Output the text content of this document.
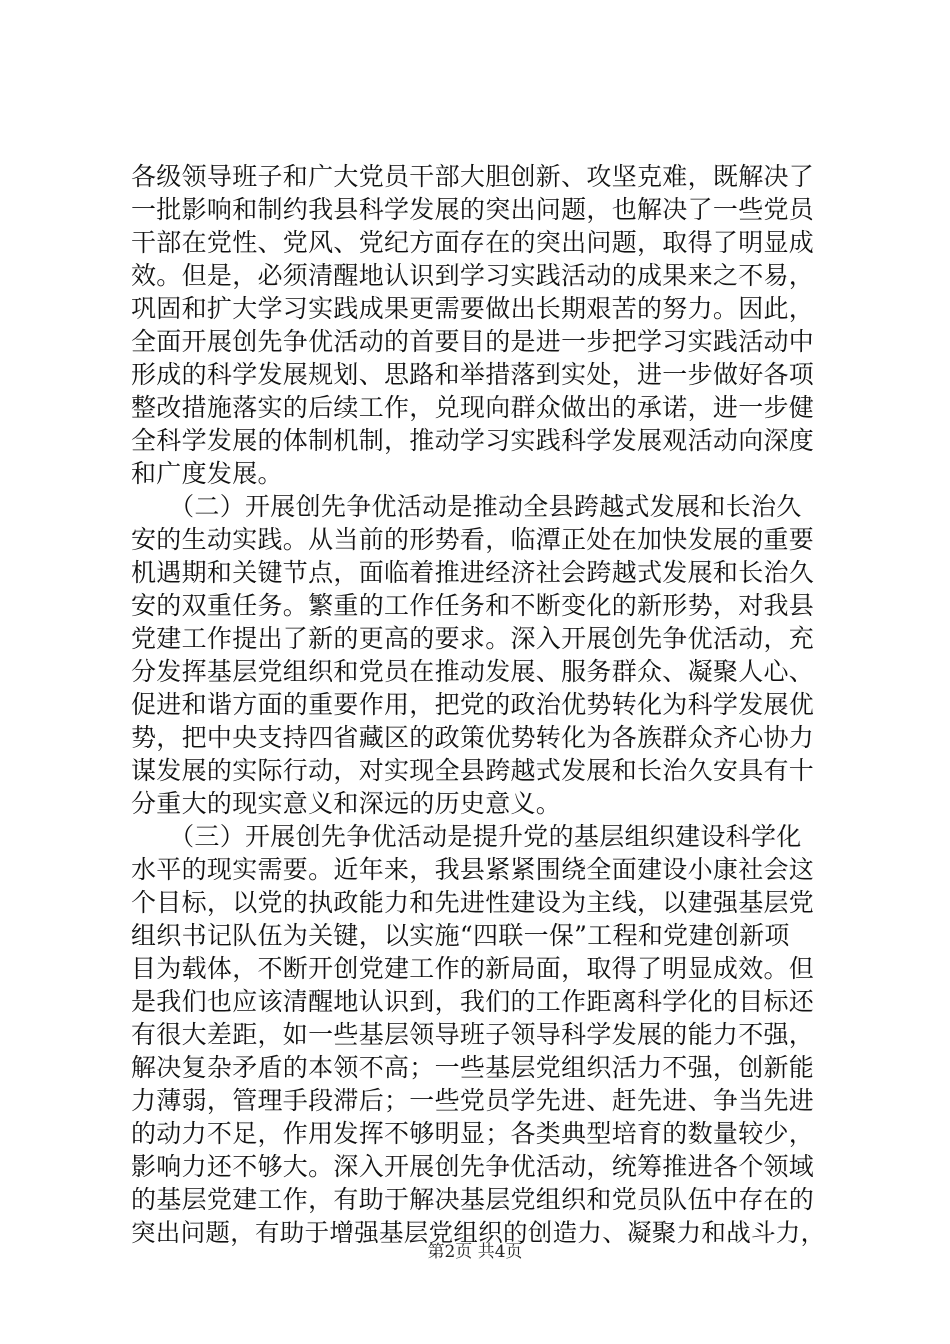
各级领导班子和广大党员干部大胆创新、攻坚克难，既解决了
一批影响和制约我县科学发展的突出问题，也解决了一些党员
干部在党性、党风、党纪方面存在的突出问题，取得了明显成
效。但是，必须清醒地认识到学习实践活动的成果来之不易，
巩固和扩大学习实践成果更需要做出长期艰苦的努力。因此，
全面开展创先争优活动的首要目的是进一步把学习实践活动中
形成的科学发展规划、思路和举措落到实处，进一步做好各项
整改措施落实的后续工作，兑现向群众做出的承诺，进一步健
全科学发展的体制机制，推动学习实践科学发展观活动向深度
和广度发展。
　　（二）开展创先争优活动是推动全县跨越式发展和长治久
安的生动实践。从当前的形势看，临潭正处在加快发展的重要
机遇期和关键节点，面临着推进经济社会跨越式发展和长治久
安的双重任务。繁重的工作任务和不断变化的新形势，对我县
党建工作提出了新的更高的要求。深入开展创先争优活动，充
分发挥基层党组织和党员在推动发展、服务群众、凝聚人心、
促进和谐方面的重要作用，把党的政治优势转化为科学发展优
势，把中央支持四省藏区的政策优势转化为各族群众齐心协力
谋发展的实际行动，对实现全县跨越式发展和长治久安具有十
分重大的现实意义和深远的历史意义。
　　（三）开展创先争优活动是提升党的基层组织建设科学化
水平的现实需要。近年来，我县紧紧围绕全面建设小康社会这
个目标，以党的执政能力和先进性建设为主线，以建强基层党
组织书记队伍为关键，以实施“四联一保”工程和党建创新项
目为载体，不断开创党建工作的新局面，取得了明显成效。但
是我们也应该清醒地认识到，我们的工作距离科学化的目标还
有很大差距，如一些基层领导班子领导科学发展的能力不强，
解决复杂矛盾的本领不高；一些基层党组织活力不强，创新能
力薄弱，管理手段滞后；一些党员学先进、赶先进、争当先进
的动力不足，作用发挥不够明显；各类典型培育的数量较少，
影响力还不够大。深入开展创先争优活动，统筹推进各个领域
的基层党建工作，有助于解决基层党组织和党员队伍中存在的
突出问题，有助于增强基层党组织的创造力、凝聚力和战斗力，
第2页 共4页
